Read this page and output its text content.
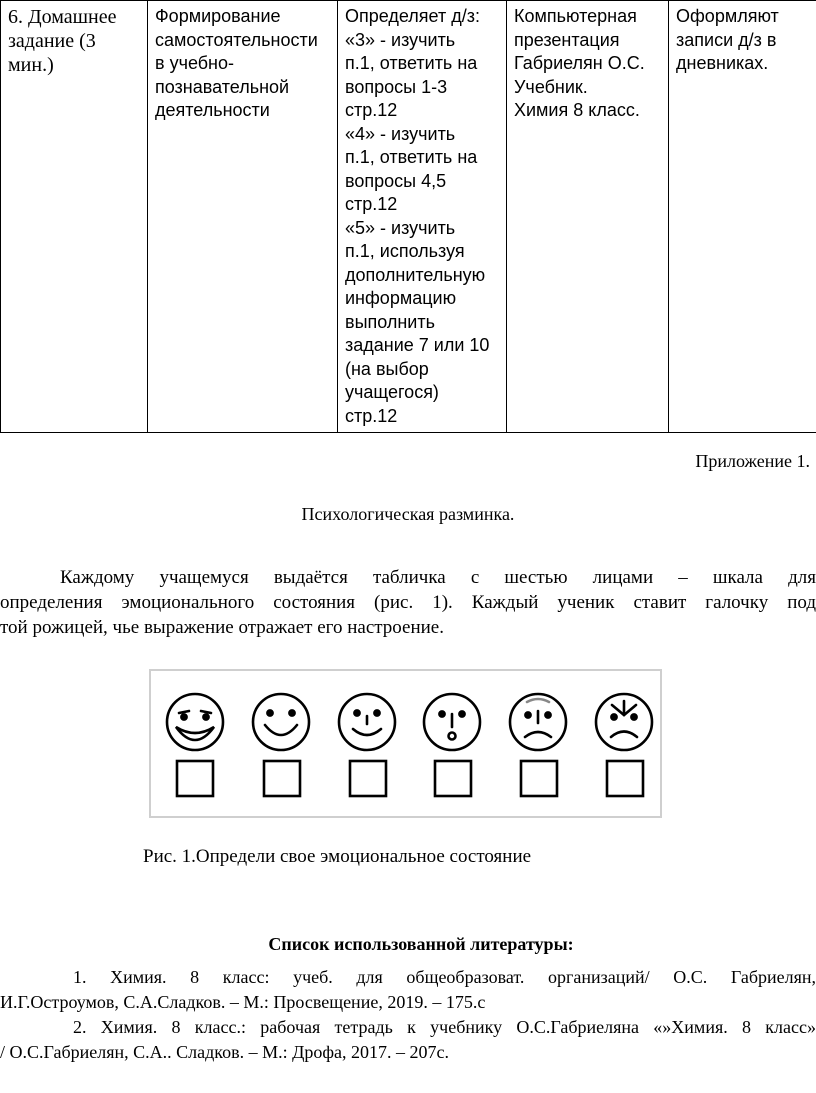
6. Домашнее
задание (3
мин.)

Формирование
самостоятельности
в учебно-
познавательной
деятельности

Определяет д/з:
«3» - изучить
п.1, ответить на
вопросы 1-3
стр.12
«4» - изучить
п.1, ответить на
вопросы 4,5
стр.12
«5» - изучить
п.1, используя
дополнительную
информацию
выполнить
задание 7 или 10
(на выбор
учащегося)
стр.12

Компьютерная
презентация
Габриелян О.С.
Учебник.
Химия 8 класс.

Оформляют
записи д/з в
дневниках.
Приложение 1.
Психологическая разминка.
Каждому учащемуся выдаётся табличка с шестью лицами – шкала для
определения эмоционального состояния (рис. 1). Каждый ученик ставит галочку под
той рожицей, чье выражение отражает его настроение.
Рис. 1.Определи свое эмоциональное состояние
Список использованной литературы:
1. Химия. 8 класс: учеб. для общеобразоват. организаций/ О.С. Габриелян,
И.Г.Остроумов, С.А.Сладков. – М.: Просвещение, 2019. – 175.с
2. Химия. 8 класс.: рабочая тетрадь к учебнику О.С.Габриеляна «»Химия. 8 класс»
/ О.С.Габриелян, С.А.. Сладков. – М.: Дрофа, 2017. – 207с.
